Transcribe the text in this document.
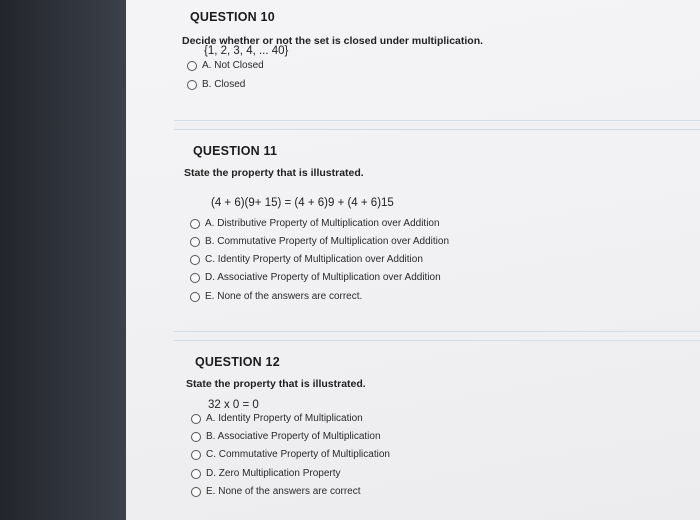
QUESTION 10
Decide whether or not the set is closed under multiplication.
{1, 2, 3, 4, ... 40}
A. Not Closed
B. Closed
QUESTION 11
State the property that is illustrated.
(4 + 6)(9+ 15) = (4 + 6)9 + (4 + 6)15
A. Distributive Property of Multiplication over Addition
B. Commutative Property of Multiplication over Addition
C. Identity Property of Multiplication over Addition
D. Associative Property of Multiplication over Addition
E. None of the answers are correct.
QUESTION 12
State the property that is illustrated.
32 x 0 = 0
A. Identity Property of Multiplication
B. Associative Property of Multiplication
C. Commutative Property of Multiplication
D. Zero Multiplication Property
E. None of the answers are correct
